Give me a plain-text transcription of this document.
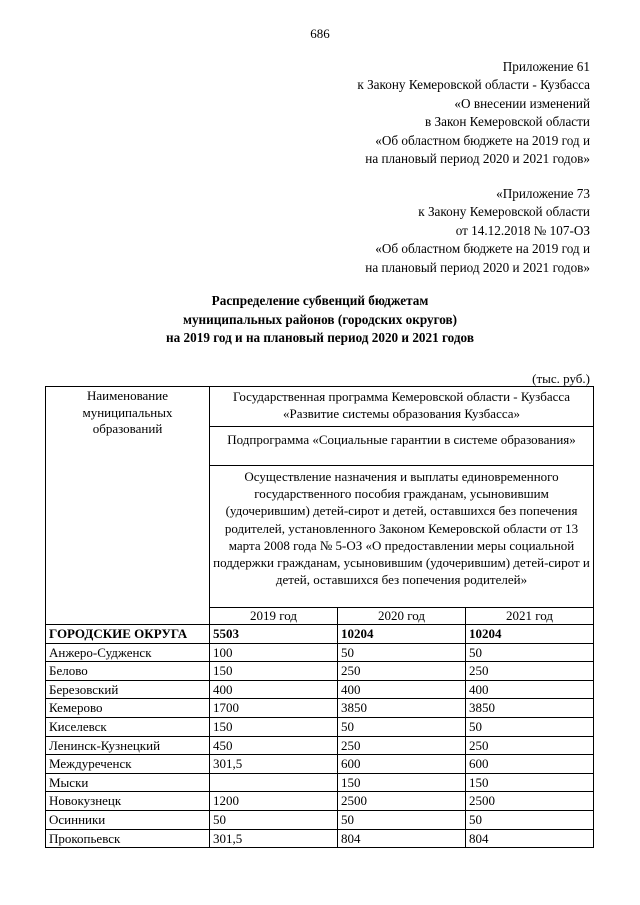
686
Приложение 61
к Закону Кемеровской области - Кузбасса
«О внесении изменений
в Закон Кемеровской области
«Об областном бюджете на 2019 год и
на плановый период 2020 и 2021 годов»
«Приложение 73
к Закону Кемеровской области
от 14.12.2018 № 107-ОЗ
«Об областном бюджете на 2019 год и
на плановый период 2020 и 2021 годов»
Распределение субвенций бюджетам
муниципальных районов (городских округов)
на 2019 год и на плановый период 2020 и 2021 годов
(тыс. руб.)
Наименование муниципальных образований	Государственная программа Кемеровской области - Кузбасса «Развитие системы образования Кузбасса»		
	Подпрограмма «Социальные гарантии в системе образования»		
	Осуществление назначения и выплаты единовременного государственного пособия гражданам, усыновившим (удочерившим) детей-сирот и детей, оставшихся без попечения родителей, установленного Законом Кемеровской области от 13 марта 2008 года № 5-ОЗ «О предоставлении меры социальной поддержки гражданам, усыновившим (удочерившим) детей-сирот и детей, оставшихся без попечения родителей»		
	2019 год	2020 год	2021 год
ГОРОДСКИЕ ОКРУГА	5503	10204	10204
Анжеро-Судженск	100	50	50
Белово	150	250	250
Березовский	400	400	400
Кемерово	1700	3850	3850
Киселевск	150	50	50
Ленинск-Кузнецкий	450	250	250
Междуреченск	301,5	600	600
Мыски		150	150
Новокузнецк	1200	2500	2500
Осинники	50	50	50
Прокопьевск	301,5	804	804
